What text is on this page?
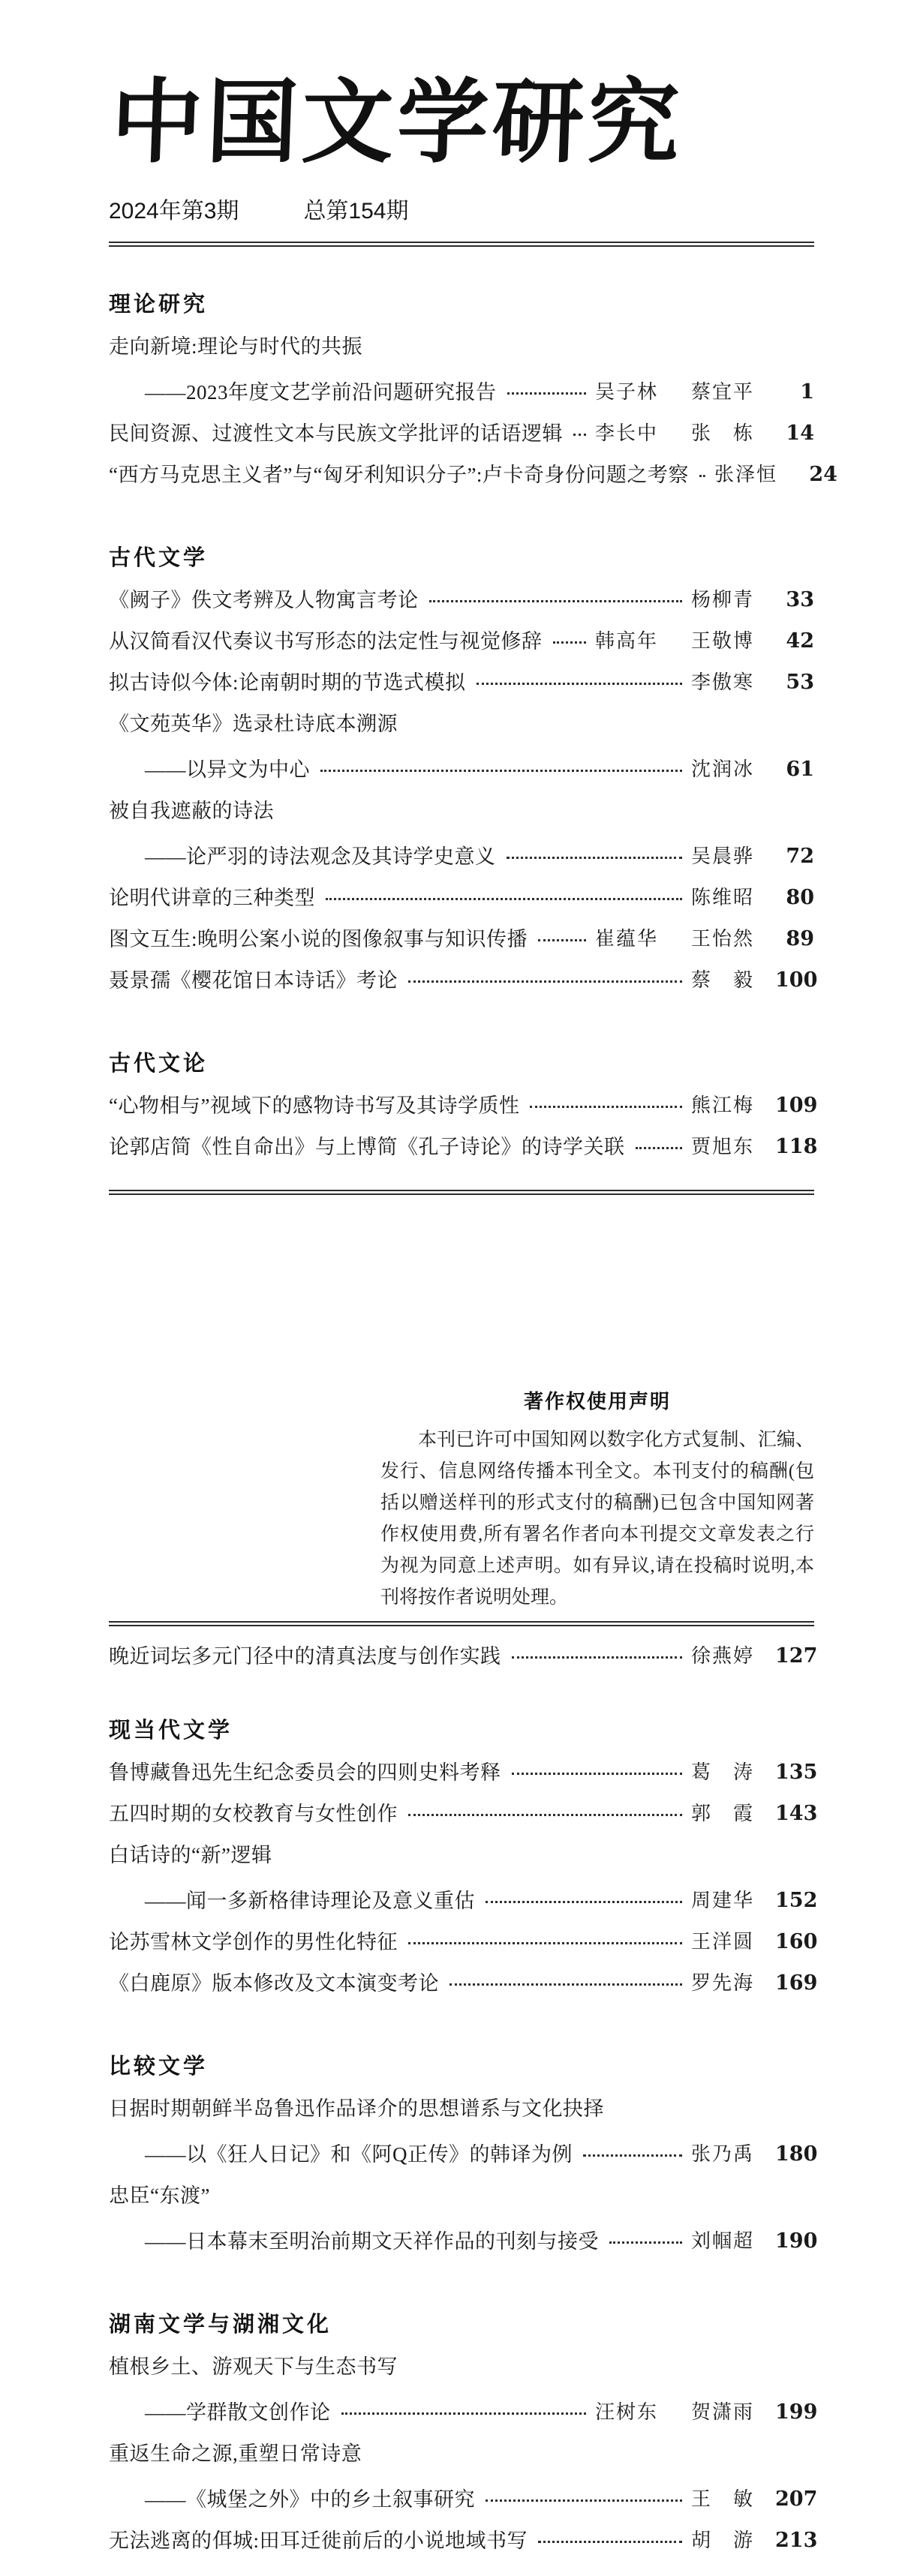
中国文学研究
2024年第3期	总第154期
理论研究
走向新境:理论与时代的共振
——2023年度文艺学前沿问题研究报告	吴子林 蔡宜平	1
民间资源、过渡性文本与民族文学批评的话语逻辑 李长中 张　栋	14
“西方马克思主义者”与“匈牙利知识分子”:卢卡奇身份问题之考察 张泽恒	24
古代文学
《阙子》佚文考辨及人物寓言考论	杨柳青	33
从汉简看汉代奏议书写形态的法定性与视觉修辞	韩高年 王敬博	42
拟古诗似今体:论南朝时期的节选式模拟	李傲寒	53
《文苑英华》选录杜诗底本溯源
——以异文为中心	沈润冰	61
被自我遮蔽的诗法
——论严羽的诗法观念及其诗学史意义	吴晨骅	72
论明代讲章的三种类型	陈维昭	80
图文互生:晚明公案小说的图像叙事与知识传播	崔蕴华 王怡然	89
聂景孺《樱花馆日本诗话》考论	蔡　毅 100
古代文论
“心物相与”视域下的感物诗书写及其诗学质性	熊江梅 109
论郭店简《性自命出》与上博简《孔子诗论》的诗学关联	贾旭东 118
著作权使用声明
本刊已许可中国知网以数字化方式复制、汇编、发行、信息网络传播本刊全文。本刊支付的稿酬(包括以赠送样刊的形式支付的稿酬)已包含中国知网著作权使用费,所有署名作者向本刊提交文章发表之行为视为同意上述声明。如有异议,请在投稿时说明,本刊将按作者说明处理。
晚近词坛多元门径中的清真法度与创作实践	徐燕婷 127
现当代文学
鲁博藏鲁迅先生纪念委员会的四则史料考释	葛　涛 135
五四时期的女校教育与女性创作	郭　霞 143
白话诗的“新”逻辑
——闻一多新格律诗理论及意义重估	周建华 152
论苏雪林文学创作的男性化特征	王洋圆 160
《白鹿原》版本修改及文本演变考论	罗先海 169
比较文学
日据时期朝鲜半岛鲁迅作品译介的思想谱系与文化抉择
——以《狂人日记》和《阿Q正传》的韩译为例	张乃禹 180
忠臣“东渡”
——日本幕末至明治前期文天祥作品的刊刻与接受	刘帼超 190
湖南文学与湖湘文化
植根乡土、游观天下与生态书写
——学群散文创作论	汪树东 贺潇雨 199
重返生命之源,重塑日常诗意
——《城堡之外》中的乡土叙事研究	王　敏 207
无法逃离的佴城:田耳迁徙前后的小说地域书写	胡　游 213
